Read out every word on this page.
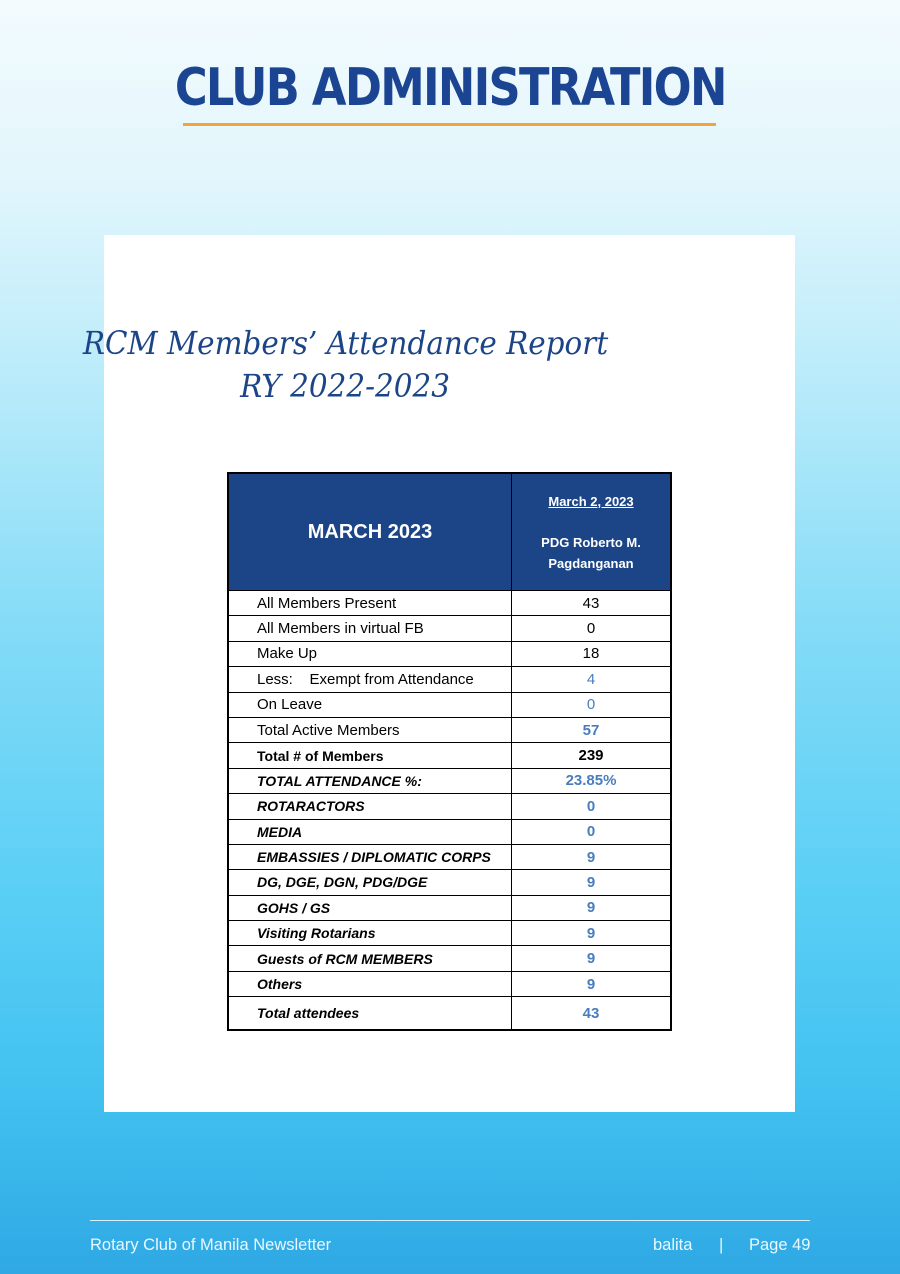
CLUB ADMINISTRATION
RCM Members’ Attendance Report
RY 2022-2023
MARCH 2023	March 2, 2023
PDG Roberto M. Pagdanganan
All Members Present	43
All Members in virtual FB	0
Make Up	18
Less:    Exempt from Attendance	4
On Leave	0
Total Active Members	57
Total # of Members	239
TOTAL ATTENDANCE %:	23.85%
ROTARACTORS	0
MEDIA	0
EMBASSIES / DIPLOMATIC CORPS	9
DG, DGE, DGN, PDG/DGE	9
GOHS / GS	9
Visiting Rotarians	9
Guests of RCM MEMBERS	9
Others	9
Total attendees	43
Rotary Club of Manila Newsletter	balita | Page 49
